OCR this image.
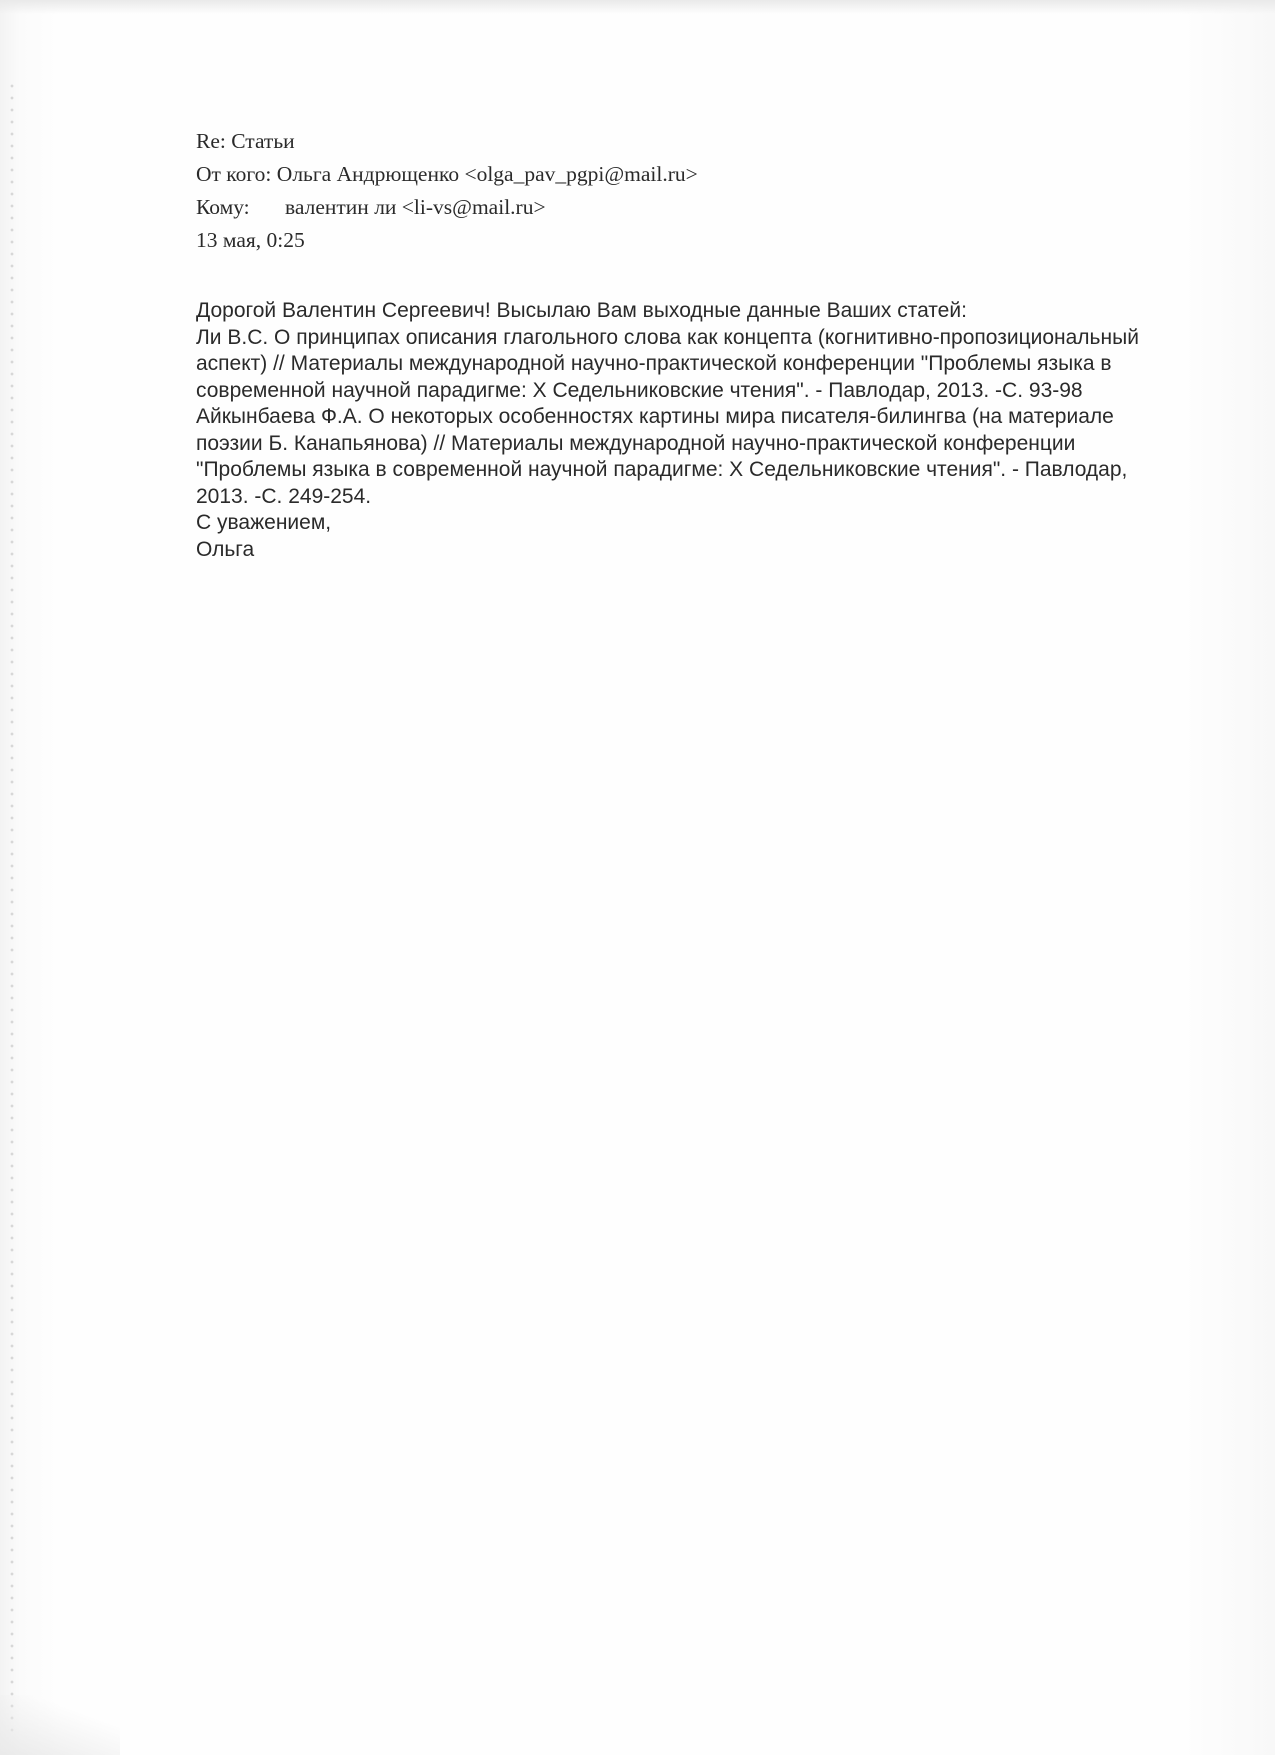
Re: Статьи
От кого: Ольга Андрющенко <olga_pav_pgpi@mail.ru>
Кому: валентин ли <li-vs@mail.ru>
13 мая, 0:25

Дорогой Валентин Сергеевич! Высылаю Вам выходные данные Ваших статей:

Ли В.С. О принципах описания глагольного слова как концепта (когнитивно-пропозициональный аспект) // Материалы международной научно-практической конференции "Проблемы языка в современной научной парадигме: X Седельниковские чтения". - Павлодар, 2013. -С. 93-98

Айкынбаева Ф.А. О некоторых особенностях картины мира писателя-билингва (на материале поэзии Б. Канапьянова) // Материалы международной научно-практической конференции "Проблемы языка в современной научной парадигме: X Седельниковские чтения". - Павлодар, 2013. -С. 249-254.

С уважением,

Ольга
